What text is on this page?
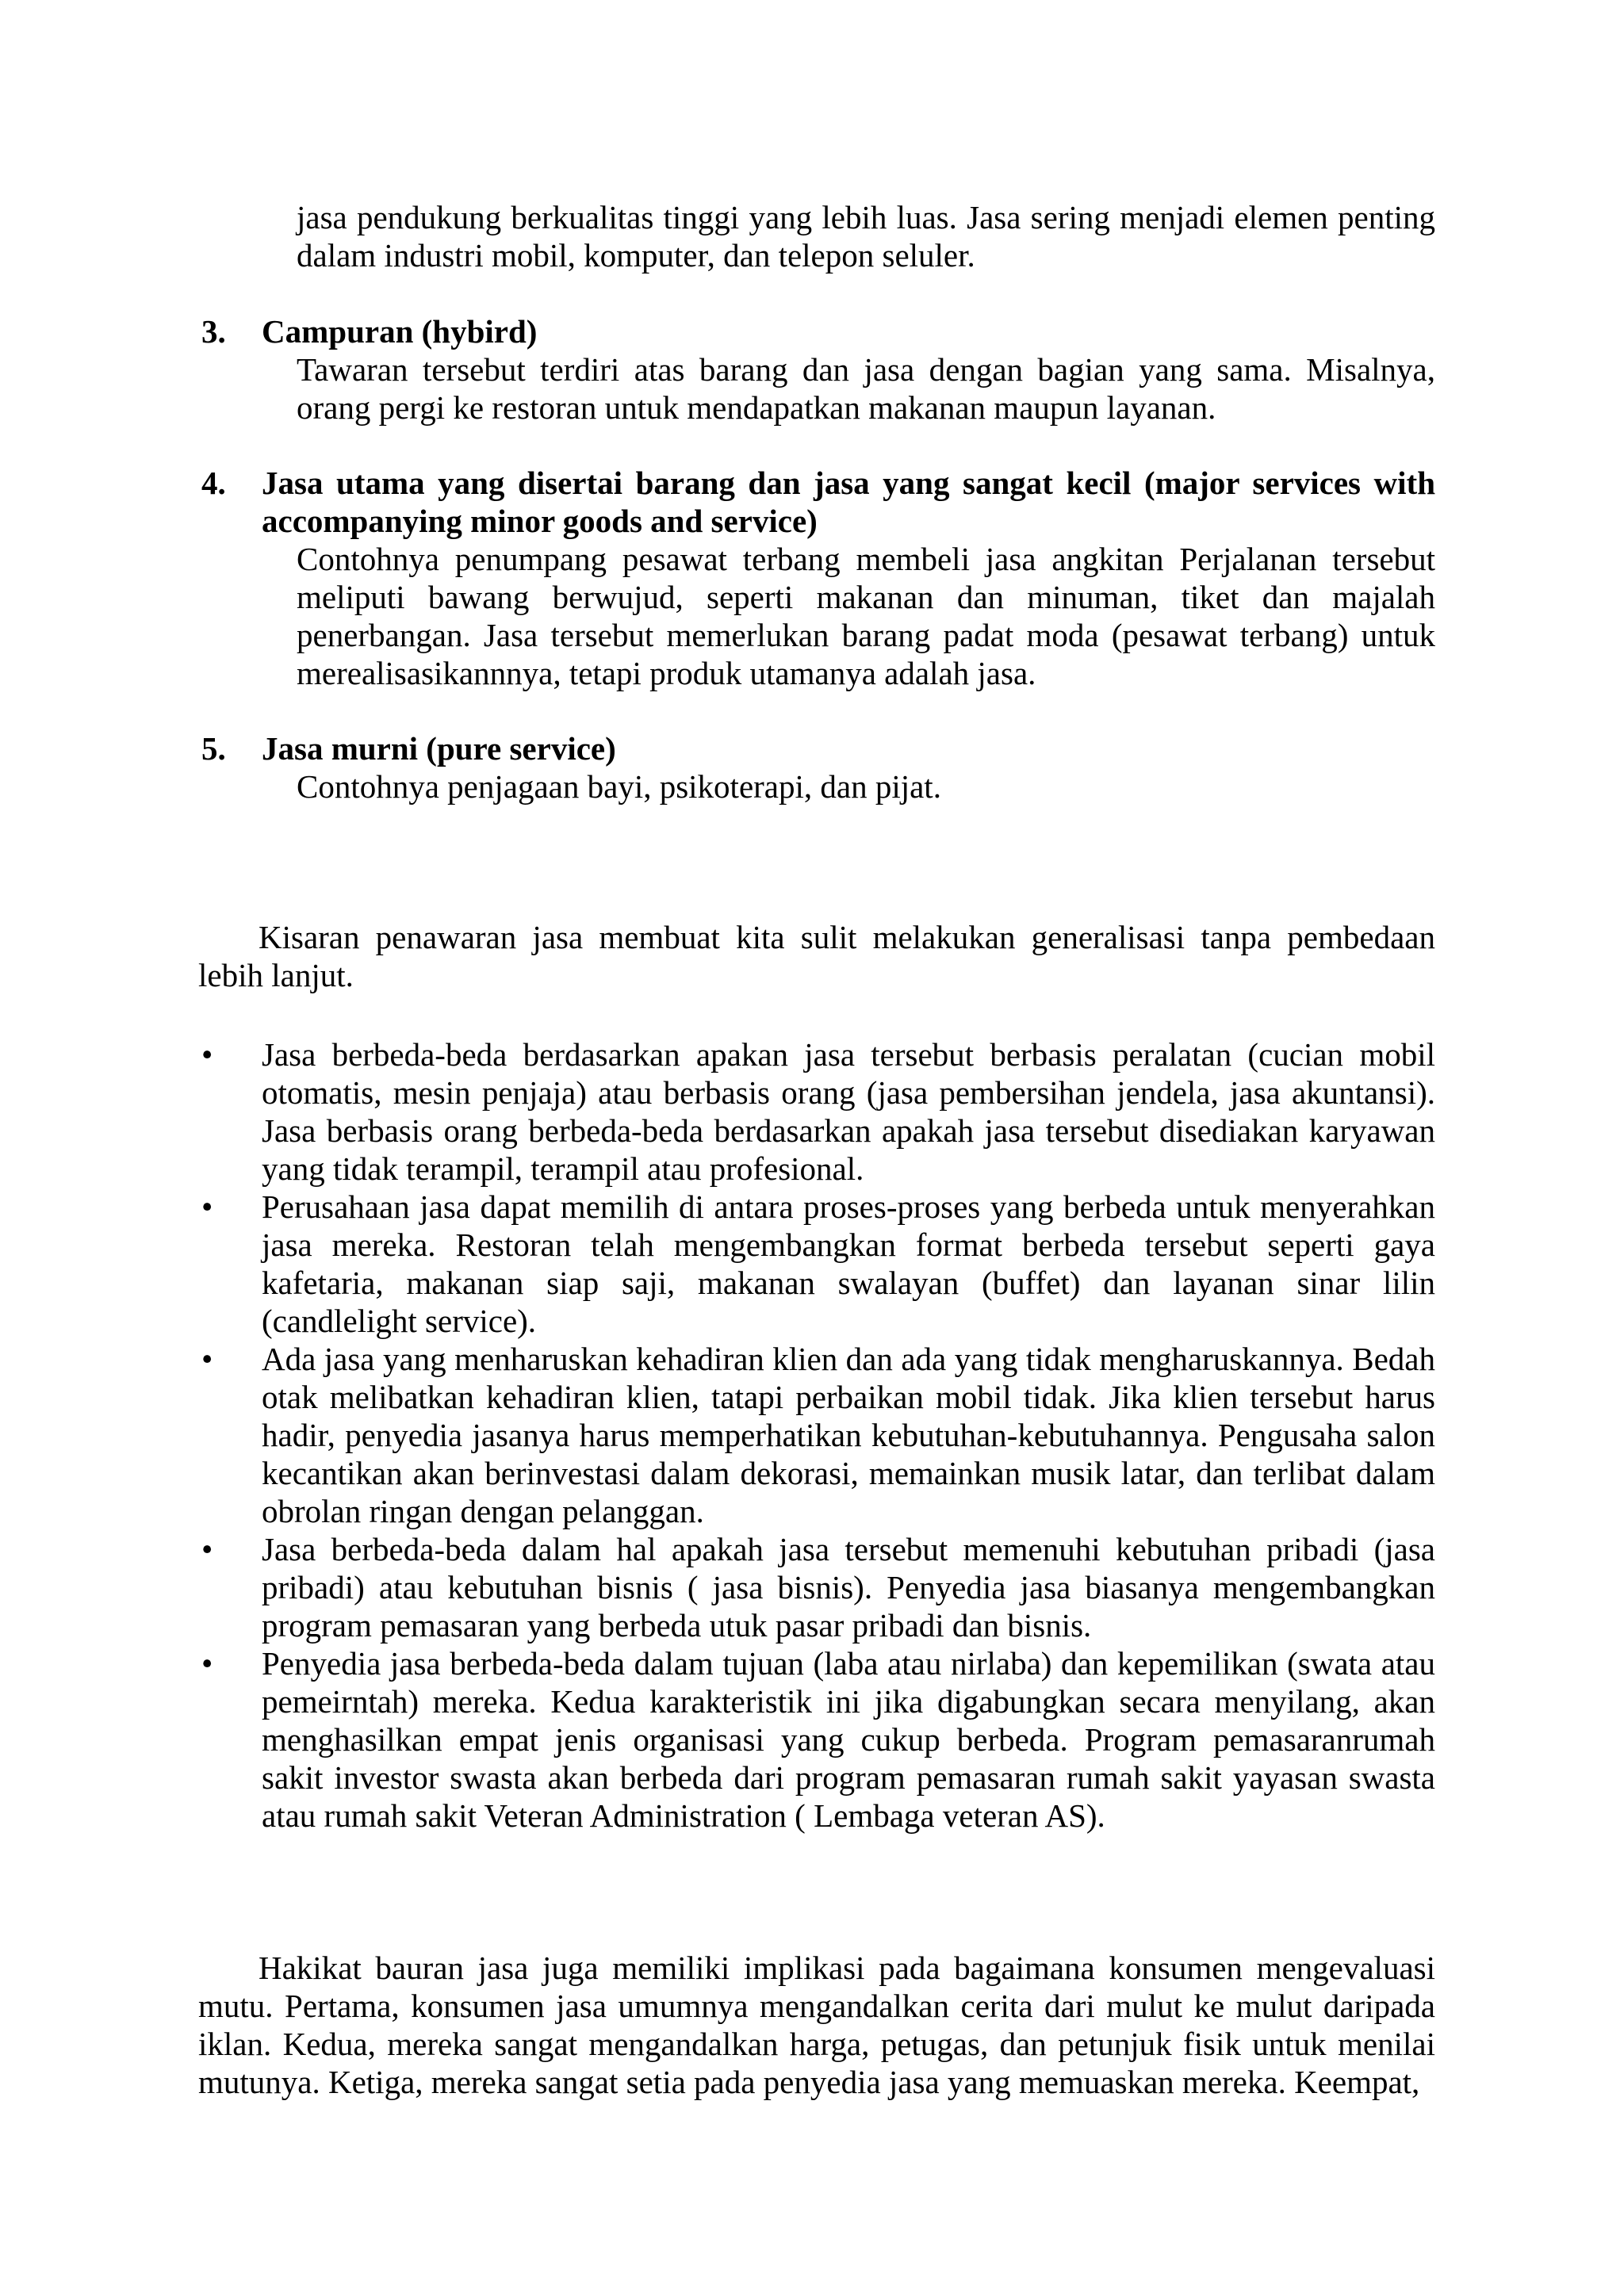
jasa pendukung berkualitas tinggi yang lebih luas. Jasa sering menjadi elemen penting dalam industri mobil, komputer, dan telepon seluler.

3.	Campuran (hybird)

Tawaran tersebut terdiri atas barang dan jasa dengan bagian yang sama. Misalnya, orang pergi ke restoran untuk mendapatkan makanan maupun layanan.

4.	Jasa utama yang disertai barang dan jasa yang sangat kecil (major services with accompanying minor goods and service)

Contohnya penumpang pesawat terbang membeli jasa angkitan Perjalanan tersebut meliputi bawang berwujud, seperti makanan dan minuman, tiket dan majalah penerbangan. Jasa tersebut memerlukan barang padat moda (pesawat terbang) untuk merealisasikannnya, tetapi produk utamanya adalah jasa.

5.	Jasa murni (pure service)

Contohnya penjagaan bayi, psikoterapi, dan pijat.

Kisaran penawaran jasa membuat kita sulit melakukan generalisasi tanpa pembedaan lebih lanjut.

•	Jasa berbeda-beda berdasarkan apakan jasa tersebut berbasis peralatan (cucian mobil otomatis, mesin penjaja) atau berbasis orang (jasa pembersihan jendela, jasa akuntansi). Jasa berbasis orang berbeda-beda berdasarkan apakah jasa tersebut disediakan karyawan yang tidak terampil, terampil atau profesional.
•	Perusahaan jasa dapat memilih di antara proses-proses yang berbeda untuk menyerahkan jasa mereka. Restoran telah mengembangkan format berbeda tersebut seperti gaya kafetaria, makanan siap saji, makanan swalayan (buffet) dan layanan sinar lilin (candlelight service).
•	Ada jasa yang menharuskan kehadiran klien dan ada yang tidak mengharuskannya. Bedah otak melibatkan kehadiran klien, tatapi perbaikan mobil tidak. Jika klien tersebut harus hadir, penyedia jasanya harus memperhatikan kebutuhan-kebutuhannya. Pengusaha salon kecantikan akan berinvestasi dalam dekorasi, memainkan musik latar, dan terlibat dalam obrolan ringan dengan pelanggan.
•	Jasa berbeda-beda dalam hal apakah jasa tersebut memenuhi kebutuhan pribadi (jasa pribadi) atau kebutuhan bisnis ( jasa bisnis). Penyedia jasa biasanya mengembangkan program pemasaran yang berbeda utuk pasar pribadi dan bisnis.
•	Penyedia jasa berbeda-beda dalam tujuan (laba atau nirlaba) dan kepemilikan (swata atau pemeirntah) mereka. Kedua karakteristik ini jika digabungkan secara menyilang, akan menghasilkan empat jenis organisasi yang cukup berbeda. Program pemasaranrumah sakit investor swasta akan berbeda dari program pemasaran rumah sakit yayasan swasta atau rumah sakit Veteran Administration ( Lembaga veteran AS).

Hakikat bauran jasa juga memiliki implikasi pada bagaimana konsumen mengevaluasi mutu. Pertama, konsumen jasa umumnya mengandalkan cerita dari mulut ke mulut daripada iklan. Kedua, mereka sangat mengandalkan harga, petugas, dan petunjuk fisik untuk menilai mutunya. Ketiga, mereka sangat setia pada penyedia jasa yang memuaskan mereka. Keempat,
